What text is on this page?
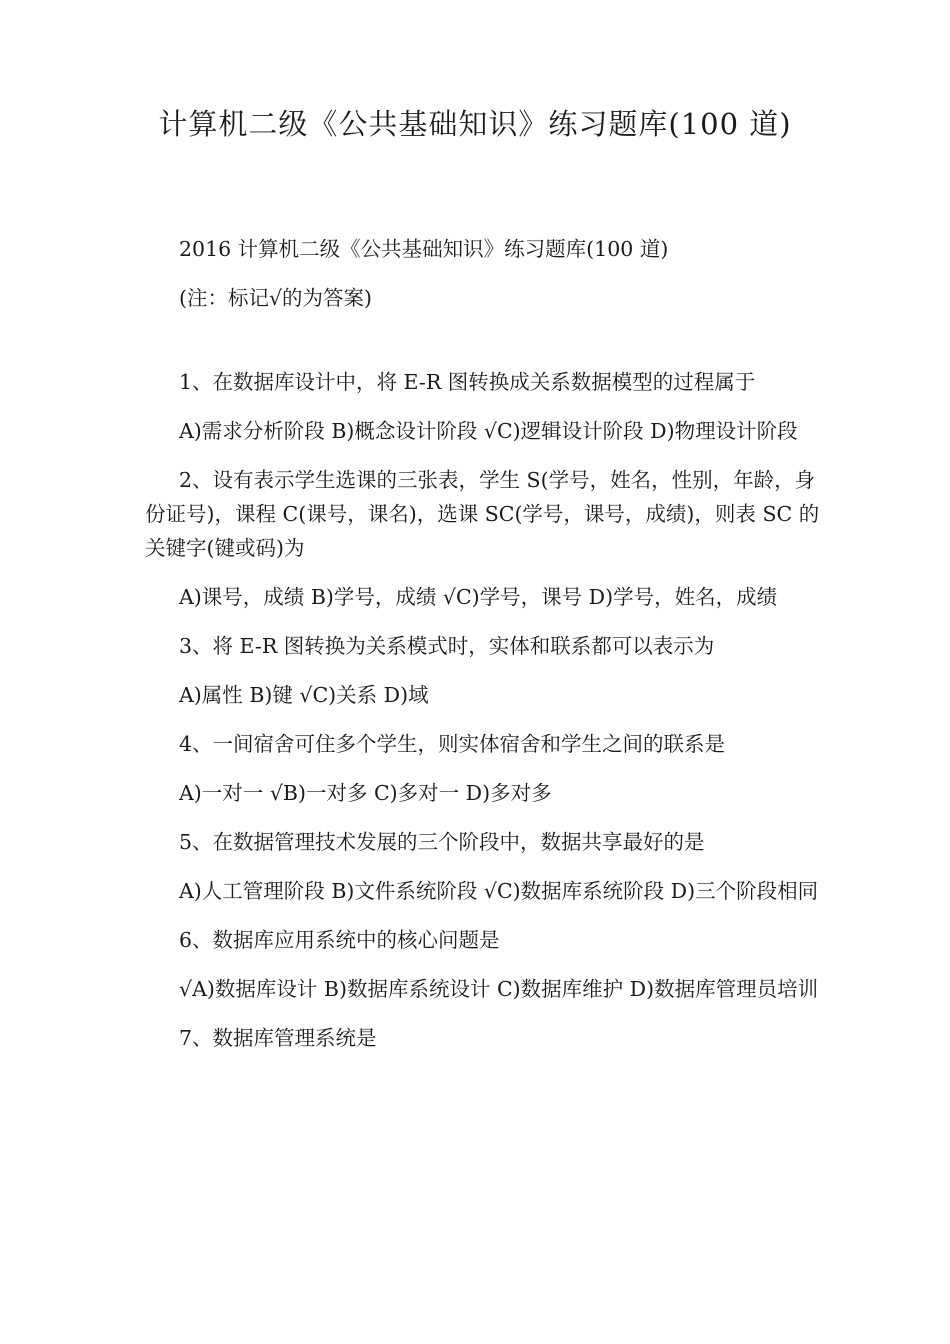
计算机二级《公共基础知识》练习题库(100 道)

2016 计算机二级《公共基础知识》练习题库(100 道)

(注：标记√的为答案)

1、在数据库设计中，将 E-R 图转换成关系数据模型的过程属于

A)需求分析阶段 B)概念设计阶段 √C)逻辑设计阶段 D)物理设计阶段

2、设有表示学生选课的三张表，学生 S(学号，姓名，性别，年龄，身份证号)，课程 C(课号，课名)，选课 SC(学号，课号，成绩)，则表 SC 的关键字(键或码)为

A)课号，成绩 B)学号，成绩 √C)学号，课号 D)学号，姓名，成绩

3、将 E-R 图转换为关系模式时，实体和联系都可以表示为

A)属性 B)键 √C)关系 D)域

4、一间宿舍可住多个学生，则实体宿舍和学生之间的联系是

A)一对一 √B)一对多 C)多对一 D)多对多

5、在数据管理技术发展的三个阶段中，数据共享最好的是

A)人工管理阶段 B)文件系统阶段 √C)数据库系统阶段 D)三个阶段相同

6、数据库应用系统中的核心问题是

√A)数据库设计 B)数据库系统设计 C)数据库维护 D)数据库管理员培训

7、数据库管理系统是
